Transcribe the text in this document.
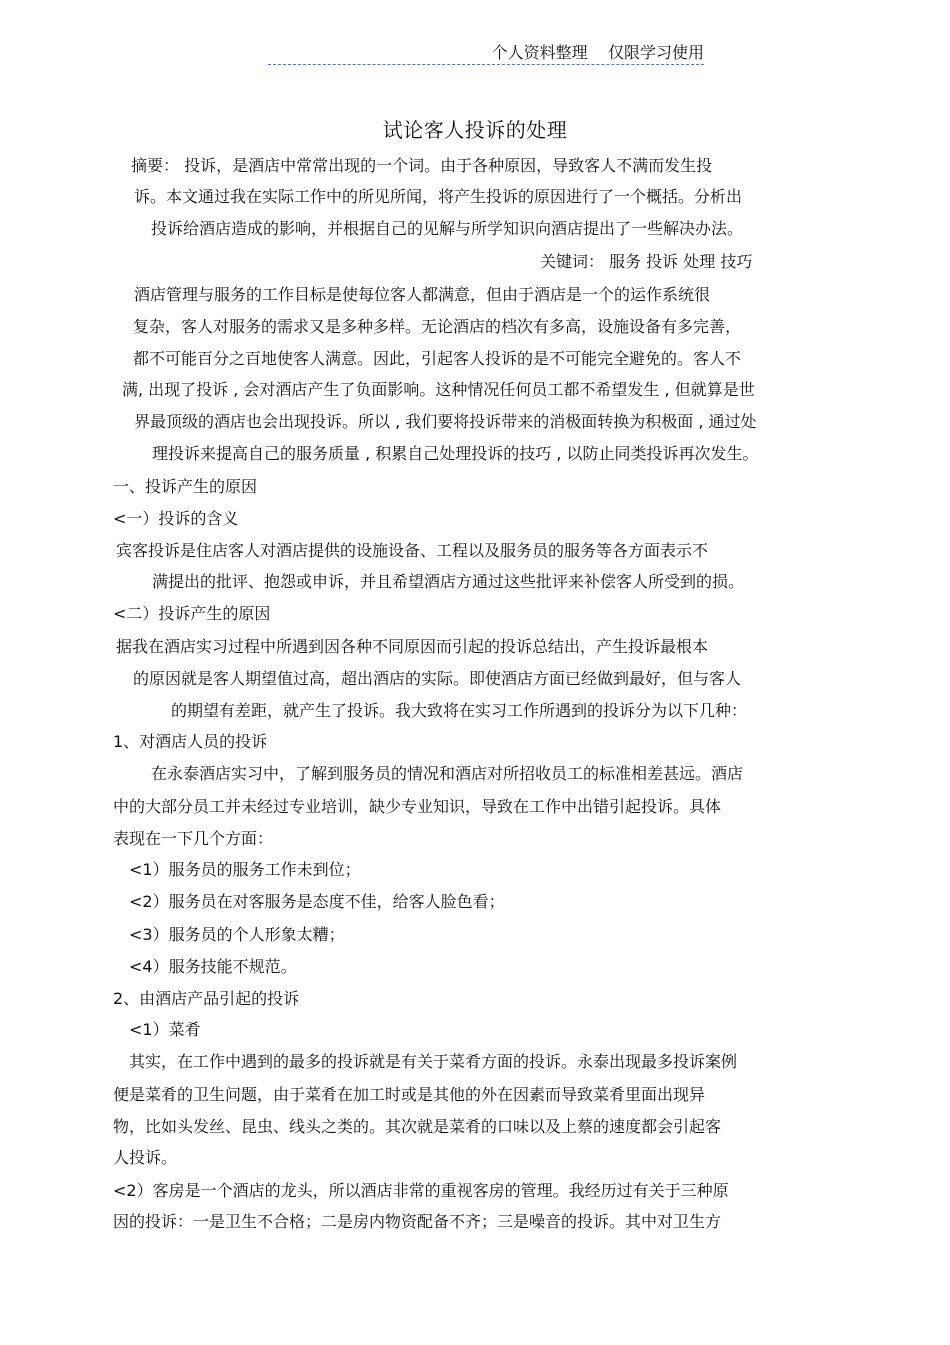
个人资料整理    仅限学习使用
试论客人投诉的处理
摘要： 投诉，是酒店中常常出现的一个词。由于各种原因，导致客人不满而发生投
诉。本文通过我在实际工作中的所见所闻，将产生投诉的原因进行了一个概括。分析出
投诉给酒店造成的影响，并根据自己的见解与所学知识向酒店提出了一些解决办法。
关键词： 服务 投诉 处理 技巧
酒店管理与服务的工作目标是使每位客人都满意，但由于酒店是一个的运作系统很
复杂，客人对服务的需求又是多种多样。无论酒店的档次有多高，设施设备有多完善，
都不可能百分之百地使客人满意。因此，引起客人投诉的是不可能完全避免的。客人不
满, 出现了投诉 , 会对酒店产生了负面影响。这种情况任何员工都不希望发生 , 但就算是世
界最顶级的酒店也会出现投诉。所以 , 我们要将投诉带来的消极面转换为积极面 , 通过处
理投诉来提高自己的服务质量 , 积累自己处理投诉的技巧 , 以防止同类投诉再次发生。
一、投诉产生的原因
<一）投诉的含义
宾客投诉是住店客人对酒店提供的设施设备、工程以及服务员的服务等各方面表示不
满提出的批评、抱怨或申诉，并且希望酒店方通过这些批评来补偿客人所受到的损。
<二）投诉产生的原因
据我在酒店实习过程中所遇到因各种不同原因而引起的投诉总结出，产生投诉最根本
的原因就是客人期望值过高，超出酒店的实际。即使酒店方面已经做到最好，但与客人
的期望有差距，就产生了投诉。我大致将在实习工作所遇到的投诉分为以下几种：
1、对酒店人员的投诉
在永泰酒店实习中，了解到服务员的情况和酒店对所招收员工的标准相差甚远。酒店
中的大部分员工并未经过专业培训，缺少专业知识，导致在工作中出错引起投诉。具体
表现在一下几个方面：
<1）服务员的服务工作未到位；
<2）服务员在对客服务是态度不佳，给客人脸色看；
<3）服务员的个人形象太糟；
<4）服务技能不规范。
2、由酒店产品引起的投诉
<1）菜肴
其实，在工作中遇到的最多的投诉就是有关于菜肴方面的投诉。永泰出现最多投诉案例
便是菜肴的卫生问题，由于菜肴在加工时或是其他的外在因素而导致菜肴里面出现异
物，比如头发丝、昆虫、线头之类的。其次就是菜肴的口味以及上蔡的速度都会引起客
人投诉。
<2）客房是一个酒店的龙头，所以酒店非常的重视客房的管理。我经历过有关于三种原
因的投诉：一是卫生不合格；二是房内物资配备不齐；三是噪音的投诉。其中对卫生方
